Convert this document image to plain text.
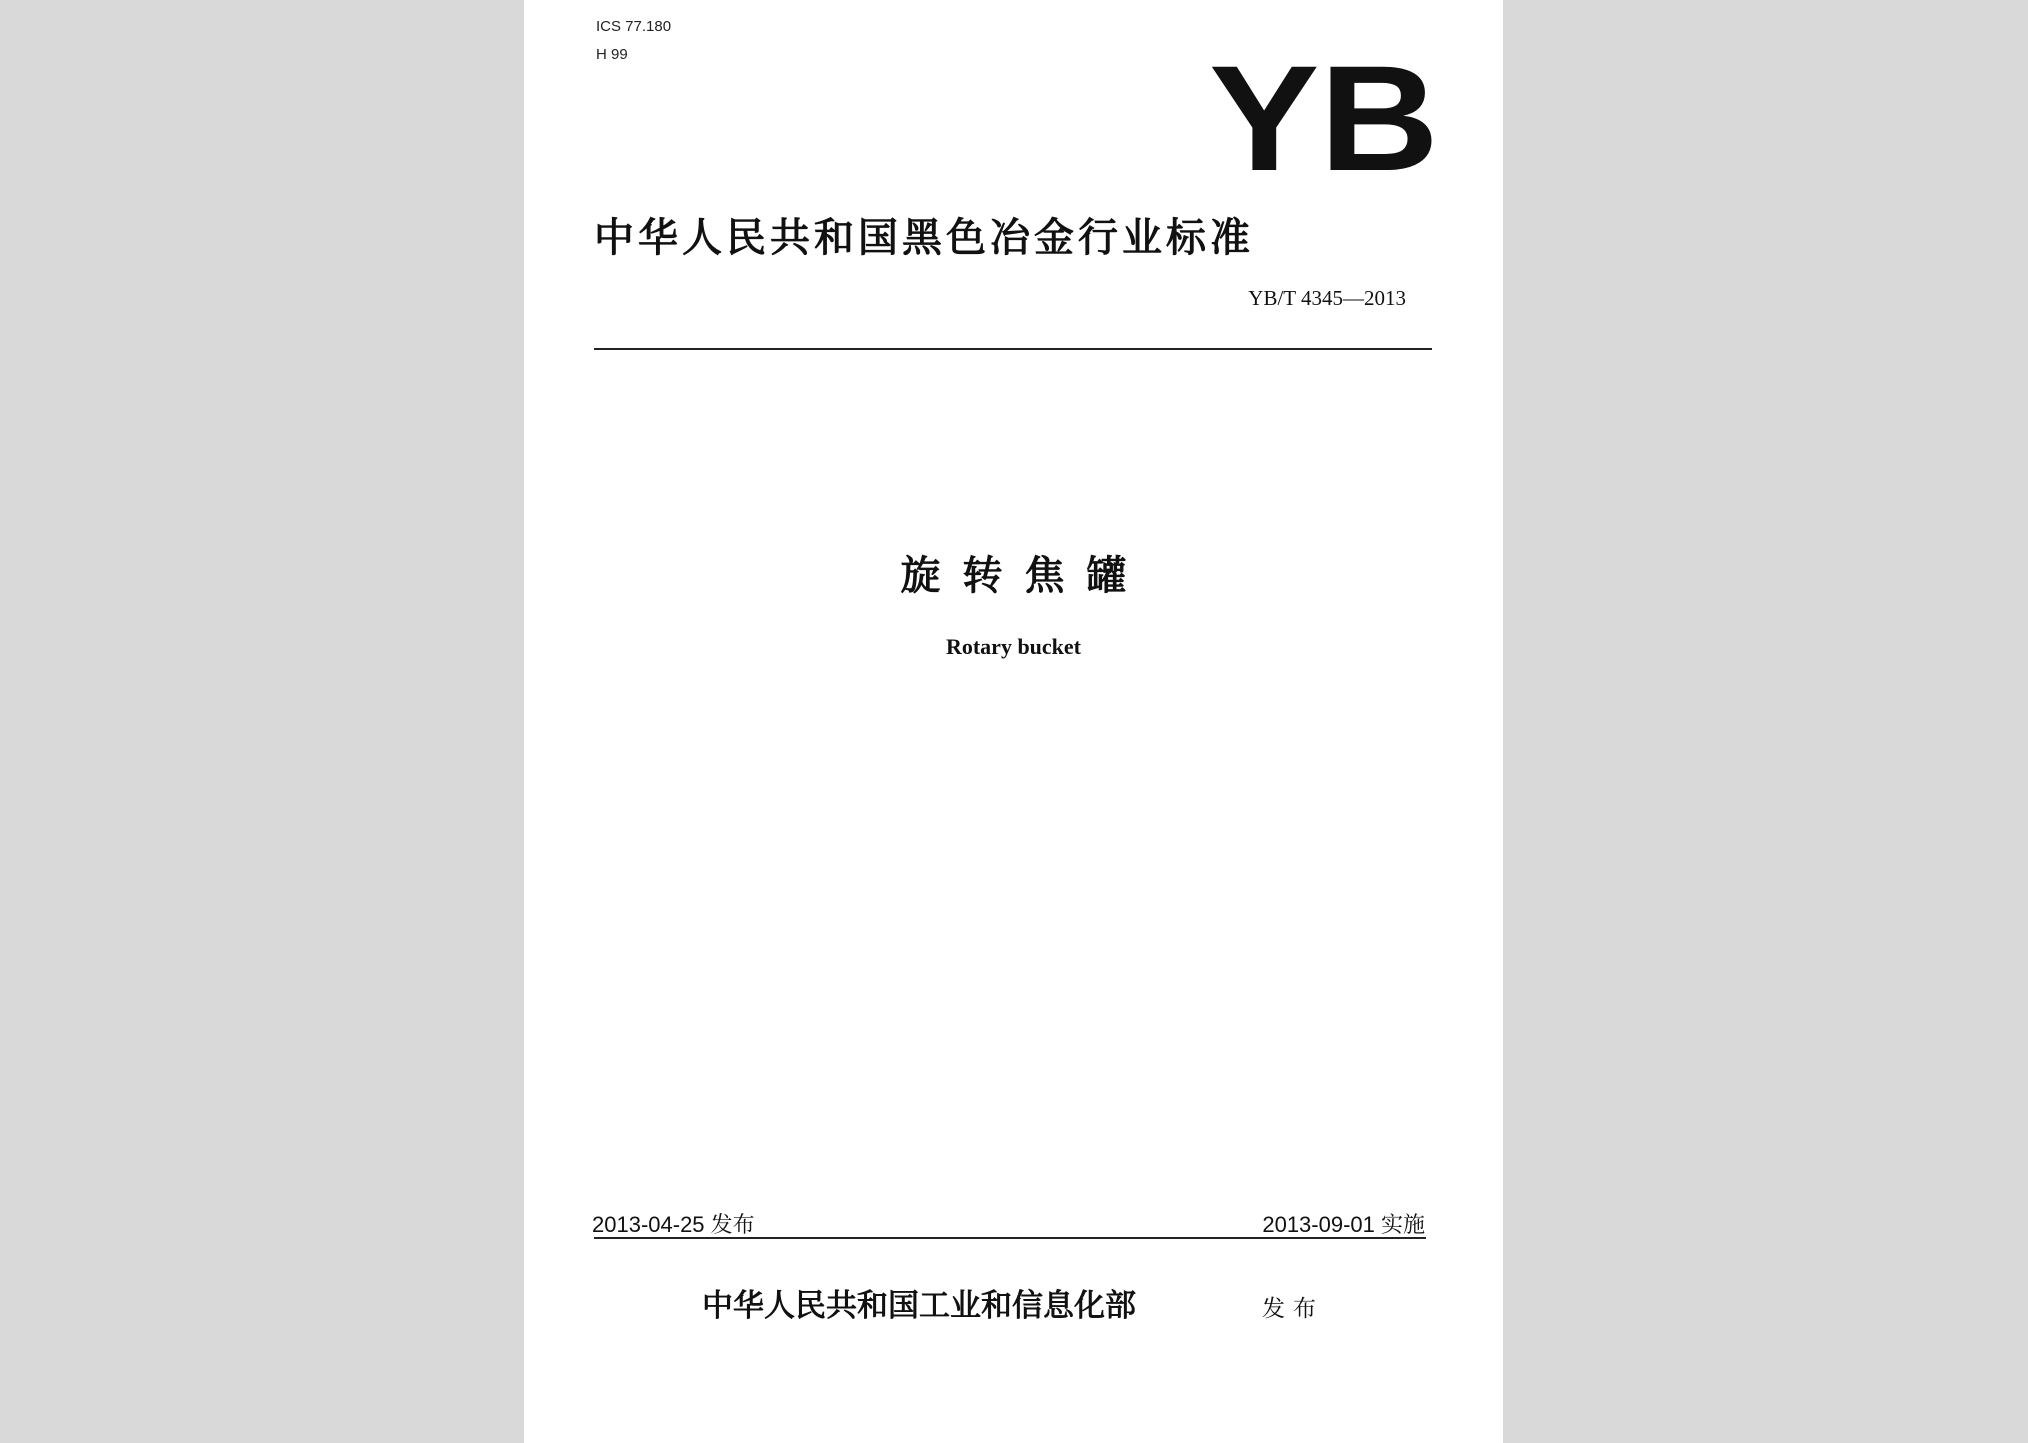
ICS 77.180
H 99	YB
中华人民共和国黑色冶金行业标准
YB/T 4345—2013
旋转焦罐
Rotary bucket
2013-04-25 发布	2013-09-01 实施
中华人民共和国工业和信息化部	发布
